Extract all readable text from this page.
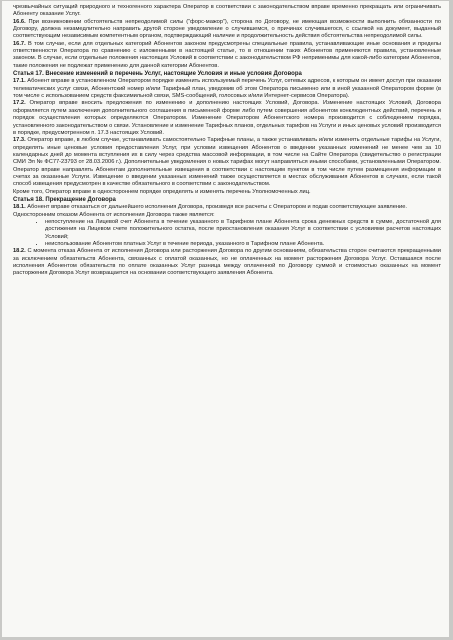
чрезвычайных ситуаций природного и техногенного характера Оператор в соответствии с законодательством вправе временно прекращать или ограничивать Абоненту оказание Услуг.

16.6. При возникновении обстоятельств непреодолимой силы (“форс-мажор”), сторона по Договору, не имеющая возможности выполнить обязанности по Договору, должна незамедлительно направить другой стороне уведомление о случившемся, о причинах случившегося, с ссылкой на документ, выданный соответствующим независимым компетентным органом, подтверждающий наличие и продолжительность действия обстоятельства непреодолимой силы.

16.7. В том случае, если для отдельных категорий Абонентов законом предусмотрены специальные правила, устанавливающие иные основания и пределы ответственности Оператора по сравнению с изложенными в настоящей статье, то в отношении таких Абонентов применяются правила, установленные законом. В случае, если отдельные положения настоящих Условий в соответствии с законодательством РФ неприменимы для какой-либо категории Абонентов, такие положения не подлежат применению для данной категории Абонентов.

Статья 17. Внесение изменений в перечень Услуг, настоящие Условия и иные условия Договора

17.1. Абонент вправе в установленном Оператором порядке изменить используемый перечень Услуг, сетевых адресов, к которым он имеет доступ при оказании телематических услуг связи, Абонентский номер и/или Тарифный план, уведомив об этом Оператора письменно или в иной указанной Оператором форме (в том числе с использованием средств факсимильной связи, SMS-сообщений, голосовых и/или Интернет-сервисов Оператора).

17.2. Оператор вправе вносить предложения по изменению и дополнению настоящих Условий, Договора. Изменение настоящих Условий, Договора оформляется путем заключения дополнительного соглашения в письменной форме либо путем совершения абонентом конклюдентных действий, перечень и порядок осуществления которых определяются Оператором. Изменение Оператором Абонентского номера производится с соблюдением порядка, установленного законодательством о связи. Установление и изменение Тарифных планов, отдельных тарифов на Услуги и иных ценовых условий производится в порядке, предусмотренном п. 17.3 настоящих Условий.

17.3. Оператор вправе, в любом случае, устанавливать самостоятельно Тарифные планы, а также устанавливать и/или изменять отдельные тарифы на Услуги, определять иные ценовые условия предоставления Услуг, при условии извещения Абонентов о введении указанных изменений не менее чем за 10 календарных дней до момента вступления их в силу через средства массовой информации, в том числе на Сайте Оператора (свидетельство о регистрации СМИ Эл № ФС77-23793 от 28.03.2006 г.). Дополнительные уведомления о новых тарифах могут направляться иными способами, установленными Оператором. Оператор вправе направлять Абонентам дополнительные извещения в соответствии с настоящим пунктом в том числе путем размещения информации в счетах за оказанные Услуги. Извещение о введении указанных изменений также осуществляется в местах обслуживания Абонентов в случаях, если такой способ извещения предусмотрен в качестве обязательного в соответствии с законодательством.

Кроме того, Оператор вправе в одностороннем порядке определять и изменять перечень Уполномоченных лиц.

Статья 18. Прекращение Договора

18.1. Абонент вправе отказаться от дальнейшего исполнения Договора, произведя все расчеты с Оператором и подав соответствующее заявление.

Односторонним отказом Абонента от исполнения Договора также является:

• непоступление на Лицевой счет Абонента в течение указанного в Тарифном плане Абонента срока денежных средств в сумме, достаточной для достижения на Лицевом счете положительного остатка, после приостановления оказания Услуг в соответствии с условиями расчетов настоящих Условий;
• неиспользование Абонентом платных Услуг в течение периода, указанного в Тарифном плане Абонента.

18.2. С момента отказа Абонента от исполнения Договора или расторжения Договора по другим основаниям, обязательства сторон считаются прекращенными за исключением обязательств Абонента, связанных с оплатой оказанных, но не оплаченных на момент расторжения Договора Услуг. Оставшаяся после исполнения Абонентом обязательств по оплате оказанных Услуг разница между оплаченной по Договору суммой и стоимостью оказанных на момент расторжения Договора Услуг возвращается на основании соответствующего заявления Абонента.
